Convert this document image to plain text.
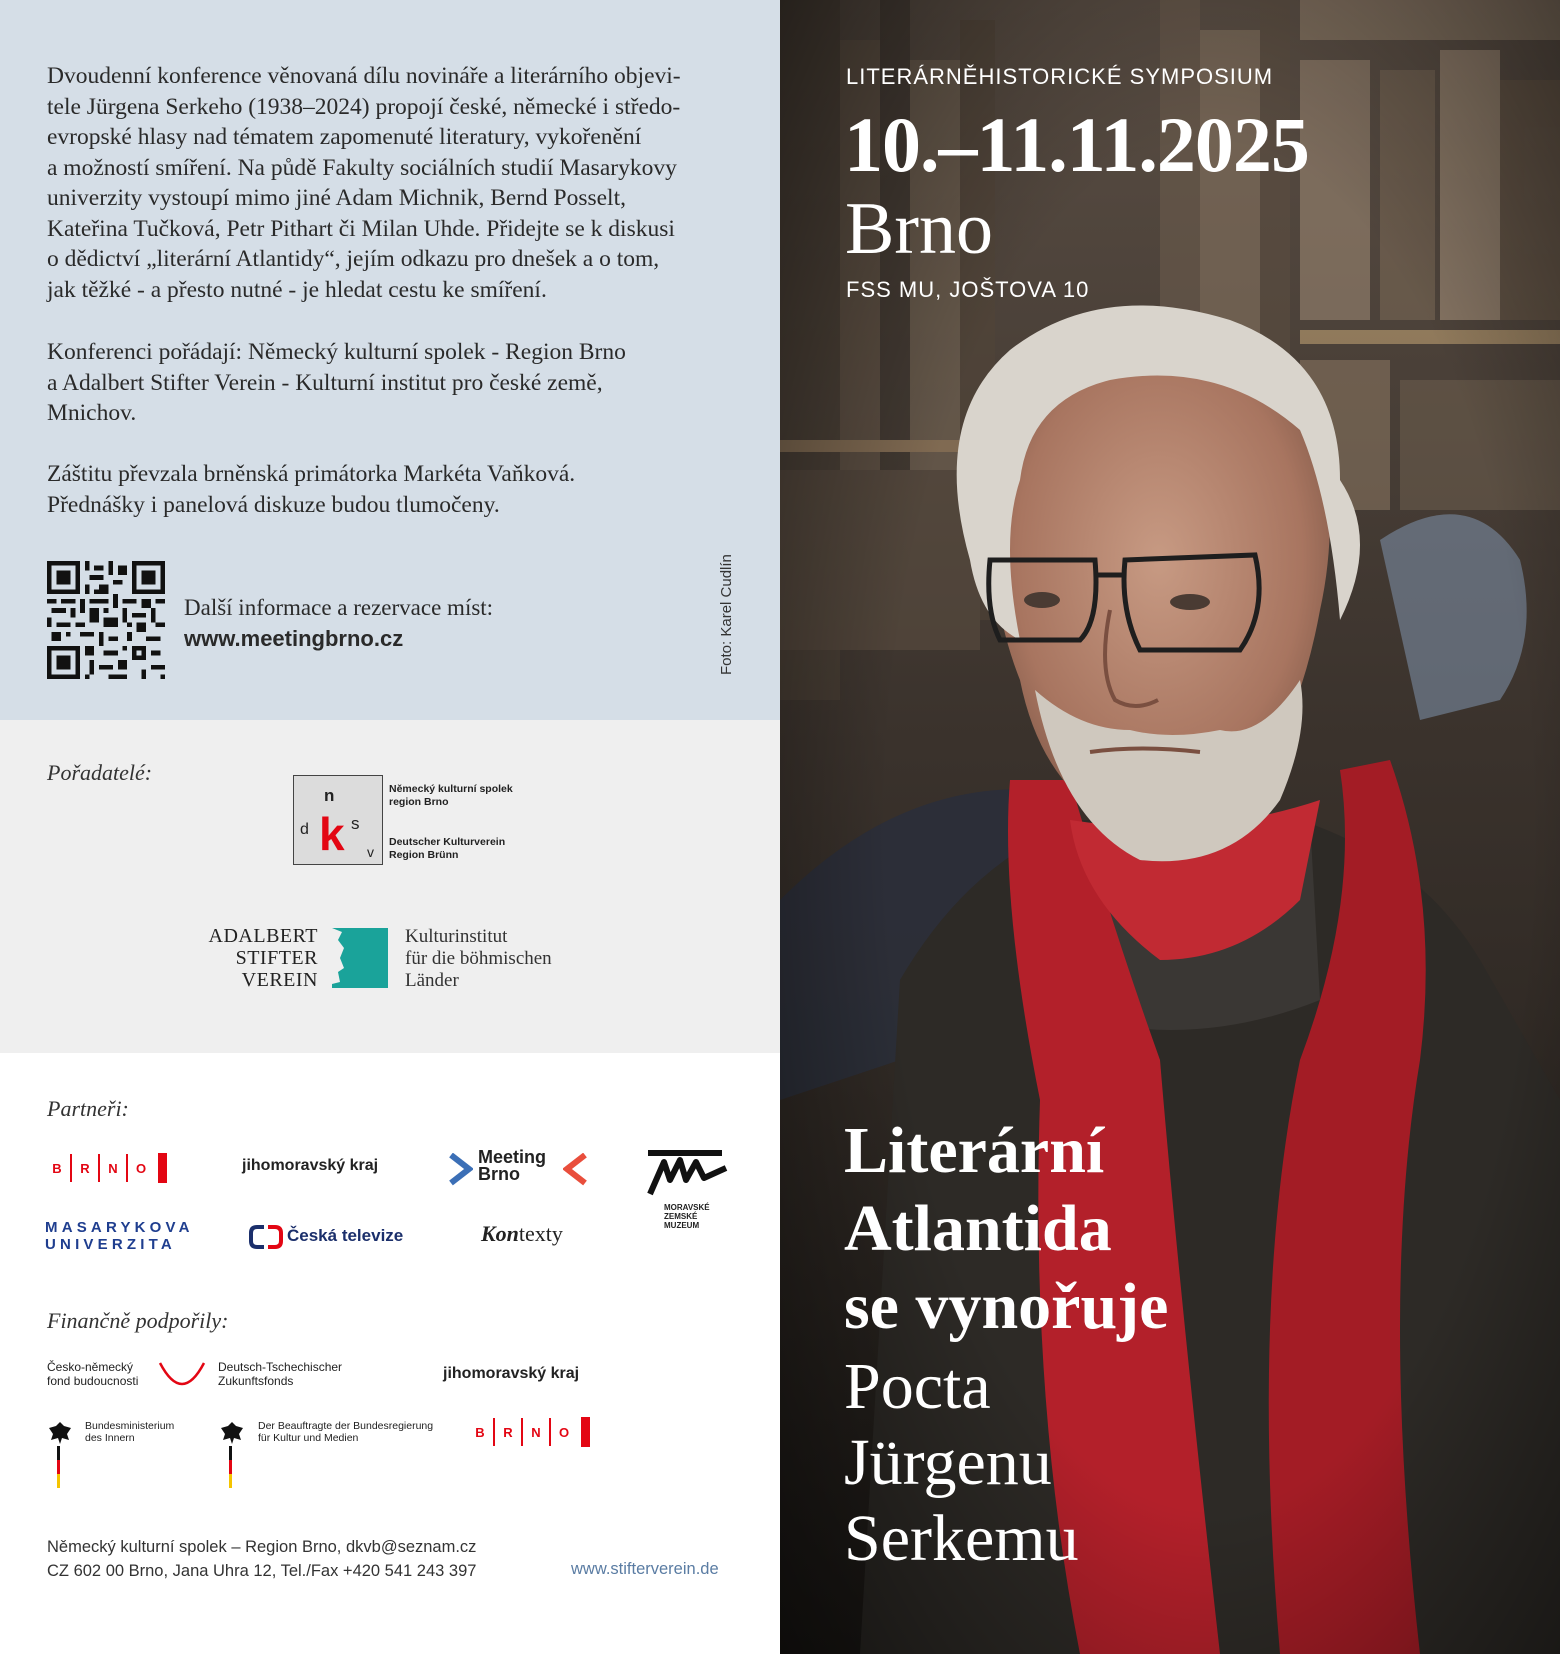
Dvoudenní konference věnovaná dílu novináře a literárního objevi-
tele Jürgena Serkeho (1938–2024) propojí české, německé i středo-
evropské hlasy nad tématem zapomenuté literatury, vykořenění
a možností smíření. Na půdě Fakulty sociálních studií Masarykovy
univerzity vystoupí mimo jiné Adam Michnik, Bernd Posselt,
Kateřina Tučková, Petr Pithart či Milan Uhde. Přidejte se k diskusi
o dědictví „literární Atlantidy“, jejím odkazu pro dnešek a o tom,
jak těžké - a přesto nutné - je hledat cestu ke smíření.
Konferenci pořádají: Německý kulturní spolek - Region Brno
a Adalbert Stifter Verein - Kulturní institut pro české země,
Mnichov.
Záštitu převzala brněnská primátorka Markéta Vaňková.
Přednášky i panelová diskuze budou tlumočeny.
Další informace a rezervace míst:
www.meetingbrno.cz	Foto: Karel Cudlín
Pořadatelé:
n
d k s
v
Německý kulturní spolek
region Brno
Deutscher Kulturverein
Region Brünn
ADALBERT
STIFTER
VEREIN
Kulturinstitut
für die böhmischen
Länder
Partneři:
B	R	N	O	jihomoravský kraj	Meeting
Brno
MORAVSKÉ
ZEMSKÉ
MUZEUM
MASARYKOVA
UNIVERZITA	Česká televize	Kontexty
Finančně podpořily:
Česko-německý
fond budoucnosti
Deutsch-Tschechischer
Zukunftsfonds	jihomoravský kraj
Bundesministerium
des Innern
Der Beauftragte der Bundesregierung
für Kultur und Medien	B	R	N	O
Německý kulturní spolek – Region Brno, dkvb@seznam.cz
CZ 602 00 Brno, Jana Uhra 12, Tel./Fax +420 541 243 397	www.stifterverein.de
LITERÁRNĚHISTORICKÉ SYMPOSIUM
10.–11.11.2025
Brno
FSS MU, JOŠTOVA 10
Literární
Atlantida
se vynořuje
Pocta
Jürgenu
Serkemu
